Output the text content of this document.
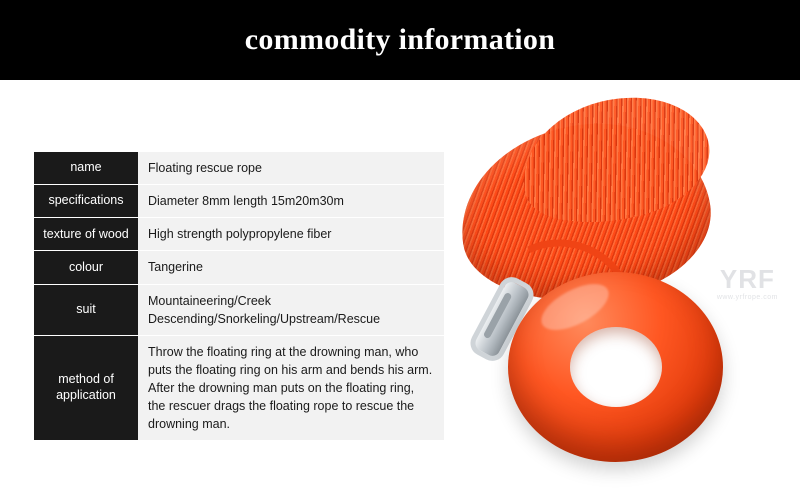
commodity information
YRF
www.yrfrope.com
name	Floating rescue rope
specifications	Diameter 8mm length 15m20m30m
texture of wood	High strength polypropylene fiber
colour	Tangerine
suit	Mountaineering/Creek Descending/Snorkeling/Upstream/Rescue
method of application	Throw the floating ring at the drowning man, who puts the floating ring on his arm and bends his arm. After the drowning man puts on the floating ring, the rescuer drags the floating rope to rescue the drowning man.
